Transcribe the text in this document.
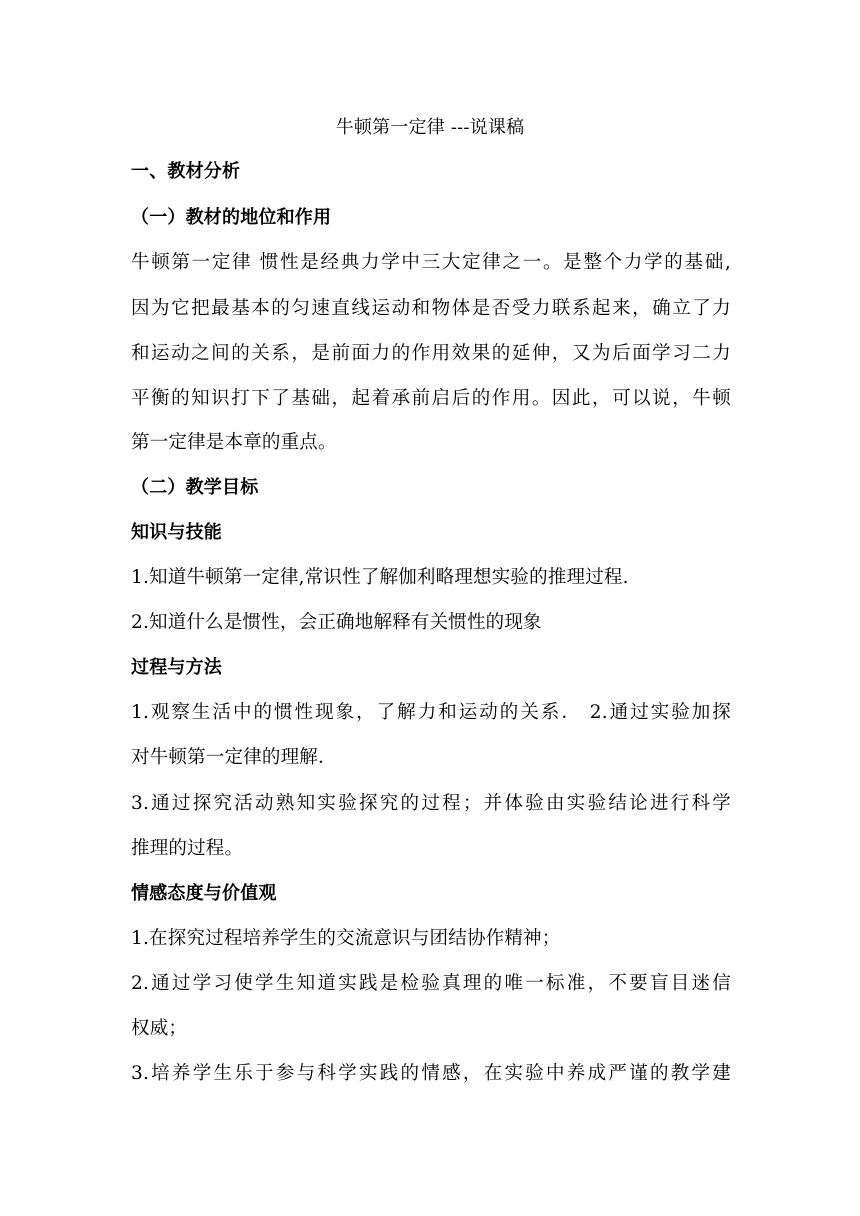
牛顿第一定律 ---说课稿
一、教材分析
（一）教材的地位和作用
牛顿第一定律 惯性是经典力学中三大定律之一。是整个力学的基础,
因为它把最基本的匀速直线运动和物体是否受力联系起来，确立了力
和运动之间的关系，是前面力的作用效果的延伸，又为后面学习二力
平衡的知识打下了基础，起着承前启后的作用。因此，可以说，牛顿
第一定律是本章的重点。
（二）教学目标
知识与技能
1.知道牛顿第一定律,常识性了解伽利略理想实验的推理过程.
2.知道什么是惯性，会正确地解释有关惯性的现象
过程与方法
1.观察生活中的惯性现象，了解力和运动的关系． 2.通过实验加探
对牛顿第一定律的理解．
3.通过探究活动熟知实验探究的过程；并体验由实验结论进行科学
推理的过程。
情感态度与价值观
1.在探究过程培养学生的交流意识与团结协作精神；
2.通过学习使学生知道实践是检验真理的唯一标准，不要盲目迷信
权威；
3.培养学生乐于参与科学实践的情感，在实验中养成严谨的教学建
